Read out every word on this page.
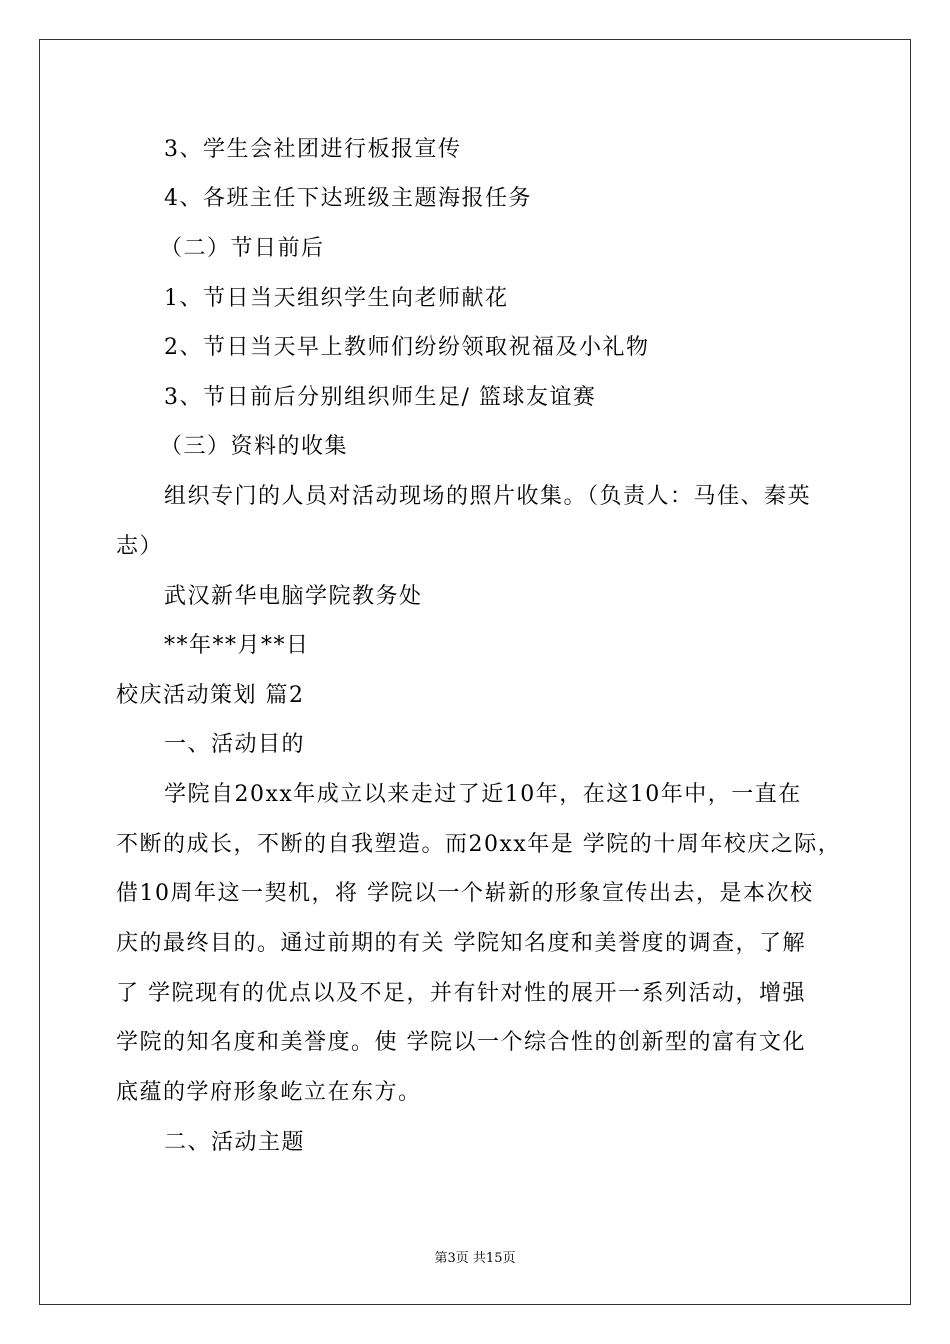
3、学生会社团进行板报宣传
4、各班主任下达班级主题海报任务
（二）节日前后
1、节日当天组织学生向老师献花
2、节日当天早上教师们纷纷领取祝福及小礼物
3、节日前后分别组织师生足/ 篮球友谊赛
（三）资料的收集
组织专门的人员对活动现场的照片收集。（负责人：马佳、秦英
志）
武汉新华电脑学院教务处
**年**月**日
校庆活动策划 篇2
一、活动目的
学院自20xx年成立以来走过了近10年，在这10年中，一直在
不断的成长，不断的自我塑造。而20xx年是 学院的十周年校庆之际，
借10周年这一契机，将 学院以一个崭新的形象宣传出去，是本次校
庆的最终目的。通过前期的有关 学院知名度和美誉度的调查，了解
了 学院现有的优点以及不足，并有针对性的展开一系列活动，增强
学院的知名度和美誉度。使 学院以一个综合性的创新型的富有文化
底蕴的学府形象屹立在东方。
二、活动主题
第3页 共15页
